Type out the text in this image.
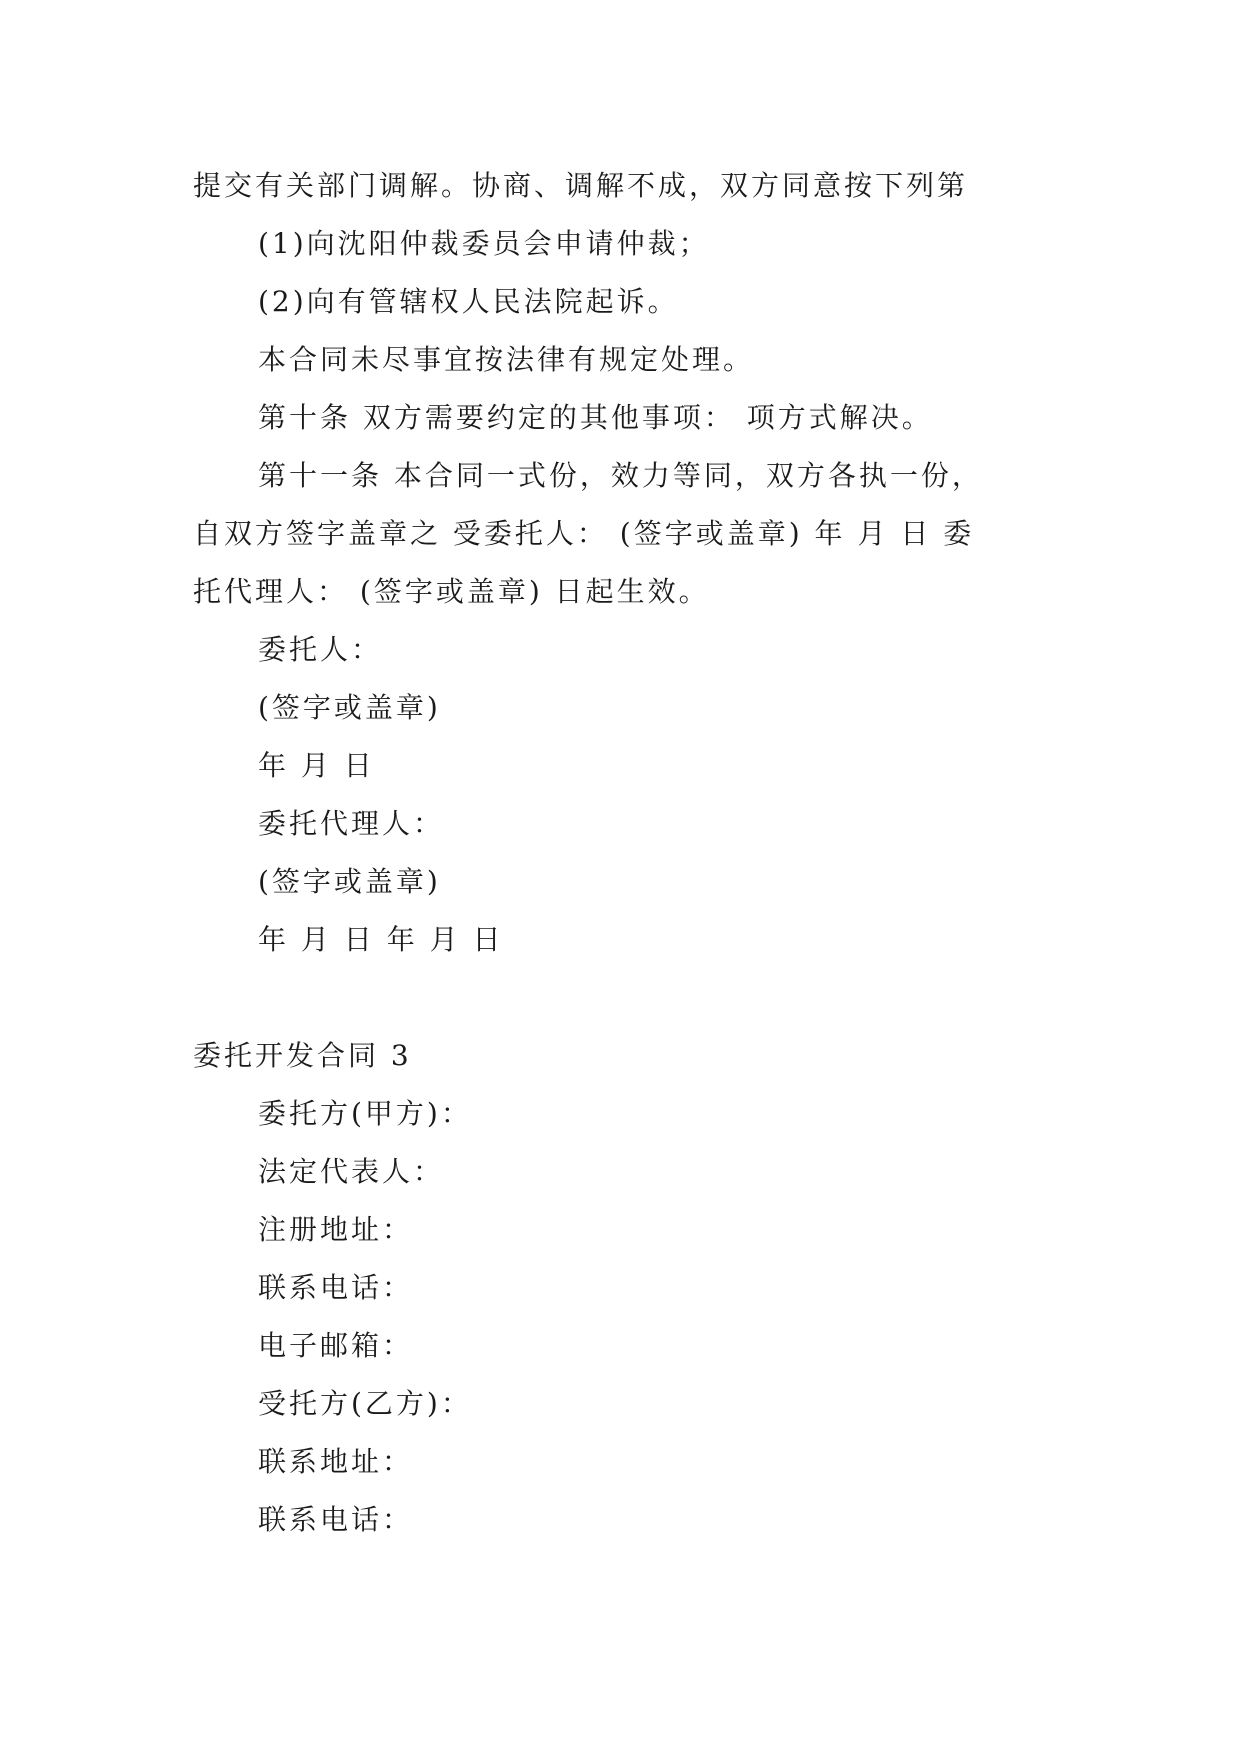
提交有关部门调解。协商、调解不成，双方同意按下列第
(1)向沈阳仲裁委员会申请仲裁；
(2)向有管辖权人民法院起诉。
本合同未尽事宜按法律有规定处理。
第十条 双方需要约定的其他事项： 项方式解决。
第十一条 本合同一式份，效力等同，双方各执一份，
自双方签字盖章之 受委托人： (签字或盖章) 年 月 日 委
托代理人： (签字或盖章) 日起生效。
委托人：
(签字或盖章)
年 月 日
委托代理人：
(签字或盖章)
年 月 日 年 月 日
委托开发合同 3
委托方(甲方)：
法定代表人：
注册地址：
联系电话：
电子邮箱：
受托方(乙方)：
联系地址：
联系电话：
